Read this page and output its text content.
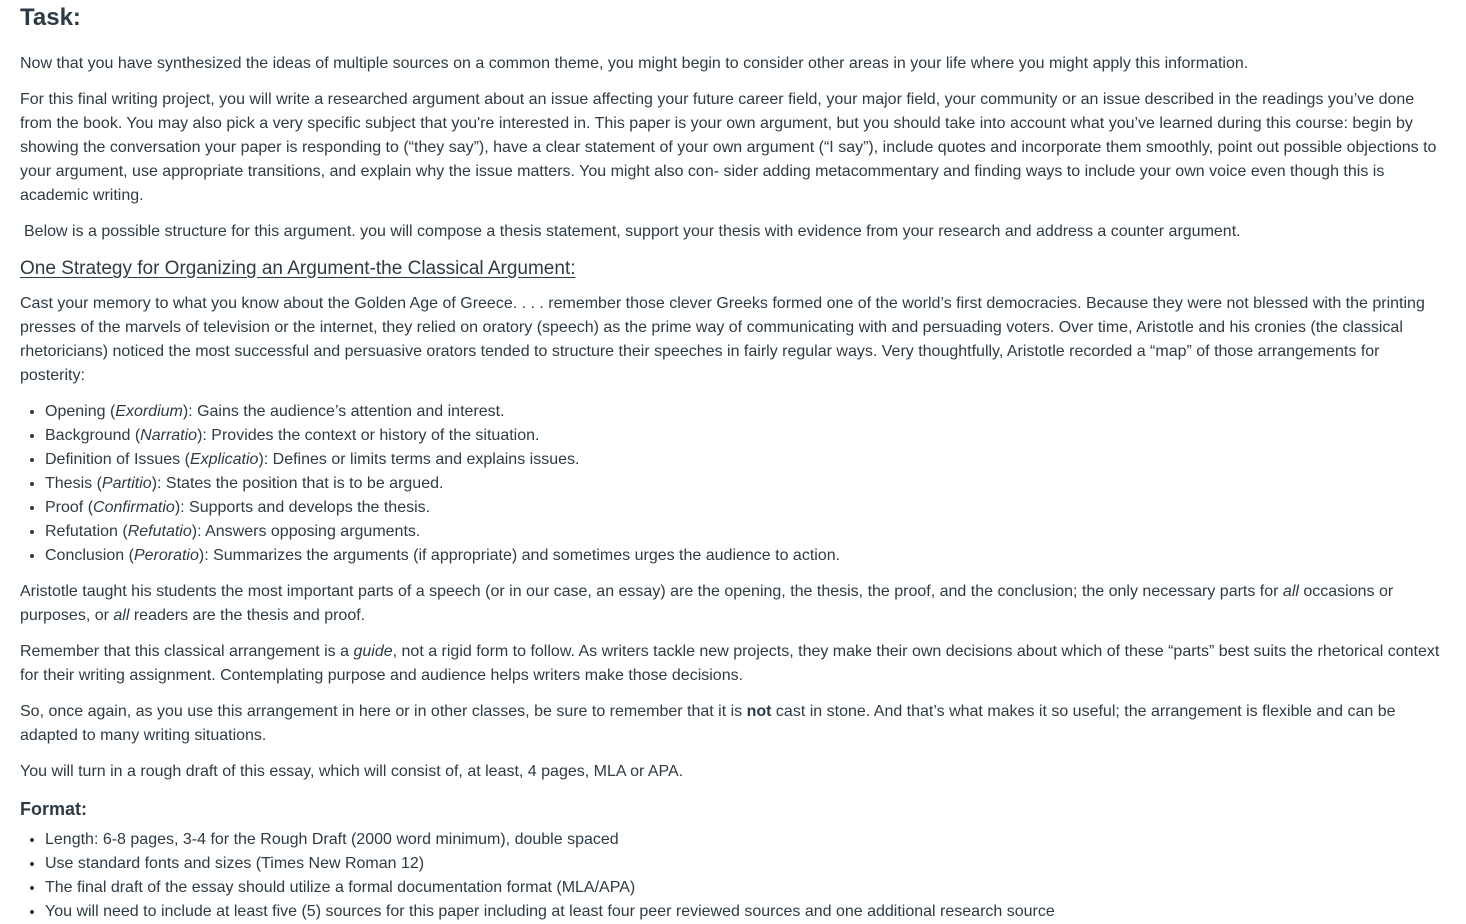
Task:

Now that you have synthesized the ideas of multiple sources on a common theme, you might begin to consider other areas in your life where you might apply this information.

For this final writing project, you will write a researched argument about an issue affecting your future career field, your major field, your community or an issue described in the readings you’ve done from the book. You may also pick a very specific subject that you're interested in. This paper is your own argument, but you should take into account what you’ve learned during this course: begin by showing the conversation your paper is responding to (“they say”), have a clear statement of your own argument (“I say”), include quotes and incorporate them smoothly, point out possible objections to your argument, use appropriate transitions, and explain why the issue matters. You might also con- sider adding metacommentary and finding ways to include your own voice even though this is academic writing.

Below is a possible structure for this argument. you will compose a thesis statement, support your thesis with evidence from your research and address a counter argument.

One Strategy for Organizing an Argument-the Classical Argument:

Cast your memory to what you know about the Golden Age of Greece. . . . remember those clever Greeks formed one of the world’s first democracies. Because they were not blessed with the printing presses of the marvels of television or the internet, they relied on oratory (speech) as the prime way of communicating with and persuading voters. Over time, Aristotle and his cronies (the classical rhetoricians) noticed the most successful and persuasive orators tended to structure their speeches in fairly regular ways. Very thoughtfully, Aristotle recorded a “map” of those arrangements for posterity:

• Opening (Exordium): Gains the audience’s attention and interest.
• Background (Narratio): Provides the context or history of the situation.
• Definition of Issues (Explicatio): Defines or limits terms and explains issues.
• Thesis (Partitio): States the position that is to be argued.
• Proof (Confirmatio): Supports and develops the thesis.
• Refutation (Refutatio): Answers opposing arguments.
• Conclusion (Peroratio): Summarizes the arguments (if appropriate) and sometimes urges the audience to action.

Aristotle taught his students the most important parts of a speech (or in our case, an essay) are the opening, the thesis, the proof, and the conclusion; the only necessary parts for all occasions or purposes, or all readers are the thesis and proof.

Remember that this classical arrangement is a guide, not a rigid form to follow. As writers tackle new projects, they make their own decisions about which of these “parts” best suits the rhetorical context for their writing assignment. Contemplating purpose and audience helps writers make those decisions.

So, once again, as you use this arrangement in here or in other classes, be sure to remember that it is not cast in stone. And that’s what makes it so useful; the arrangement is flexible and can be adapted to many writing situations.

You will turn in a rough draft of this essay, which will consist of, at least, 4 pages, MLA or APA.

Format:
• Length: 6-8 pages, 3-4 for the Rough Draft (2000 word minimum), double spaced
• Use standard fonts and sizes (Times New Roman 12)
• The final draft of the essay should utilize a formal documentation format (MLA/APA)
• You will need to include at least five (5) sources for this paper including at least four peer reviewed sources and one additional research source
